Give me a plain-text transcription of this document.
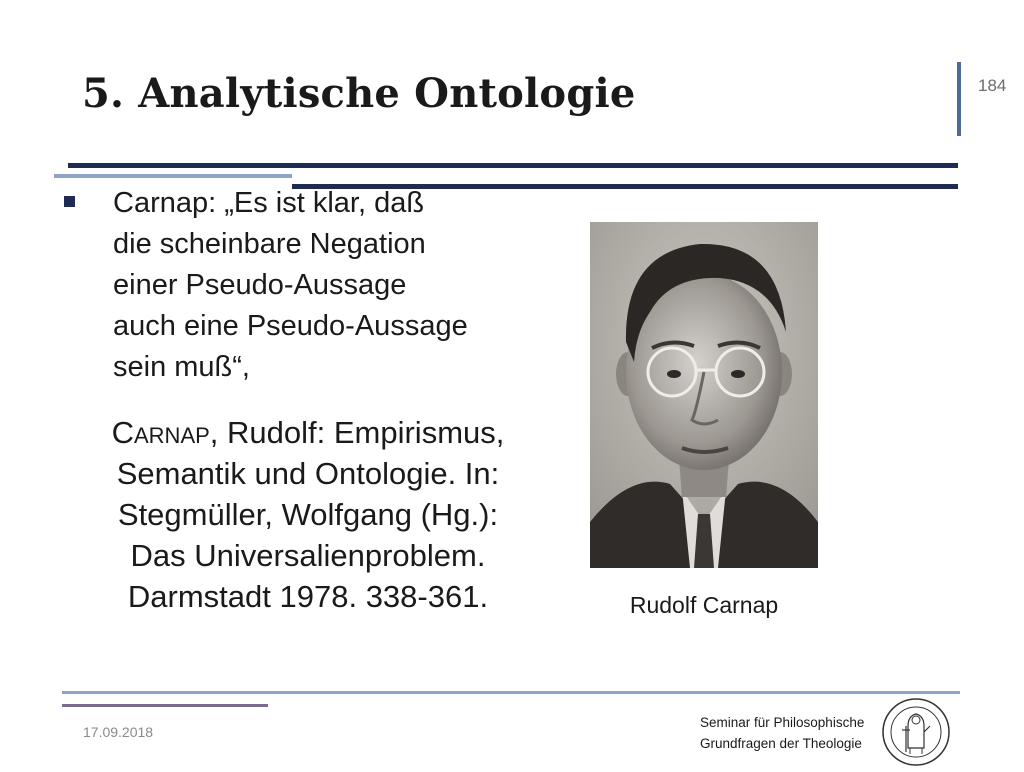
5. Analytische Ontologie	184
Carnap: „Es ist klar, daß
die scheinbare Negation
einer Pseudo-Aussage
auch eine Pseudo-Aussage
sein muß“,
Carnap, Rudolf: Empirismus,
Semantik und Ontologie. In:
Stegmüller, Wolfgang (Hg.):
Das Universalienproblem.
Darmstadt 1978. 338-361.	Rudolf Carnap
17.09.2018
Seminar für Philosophische
Grundfragen der Theologie
